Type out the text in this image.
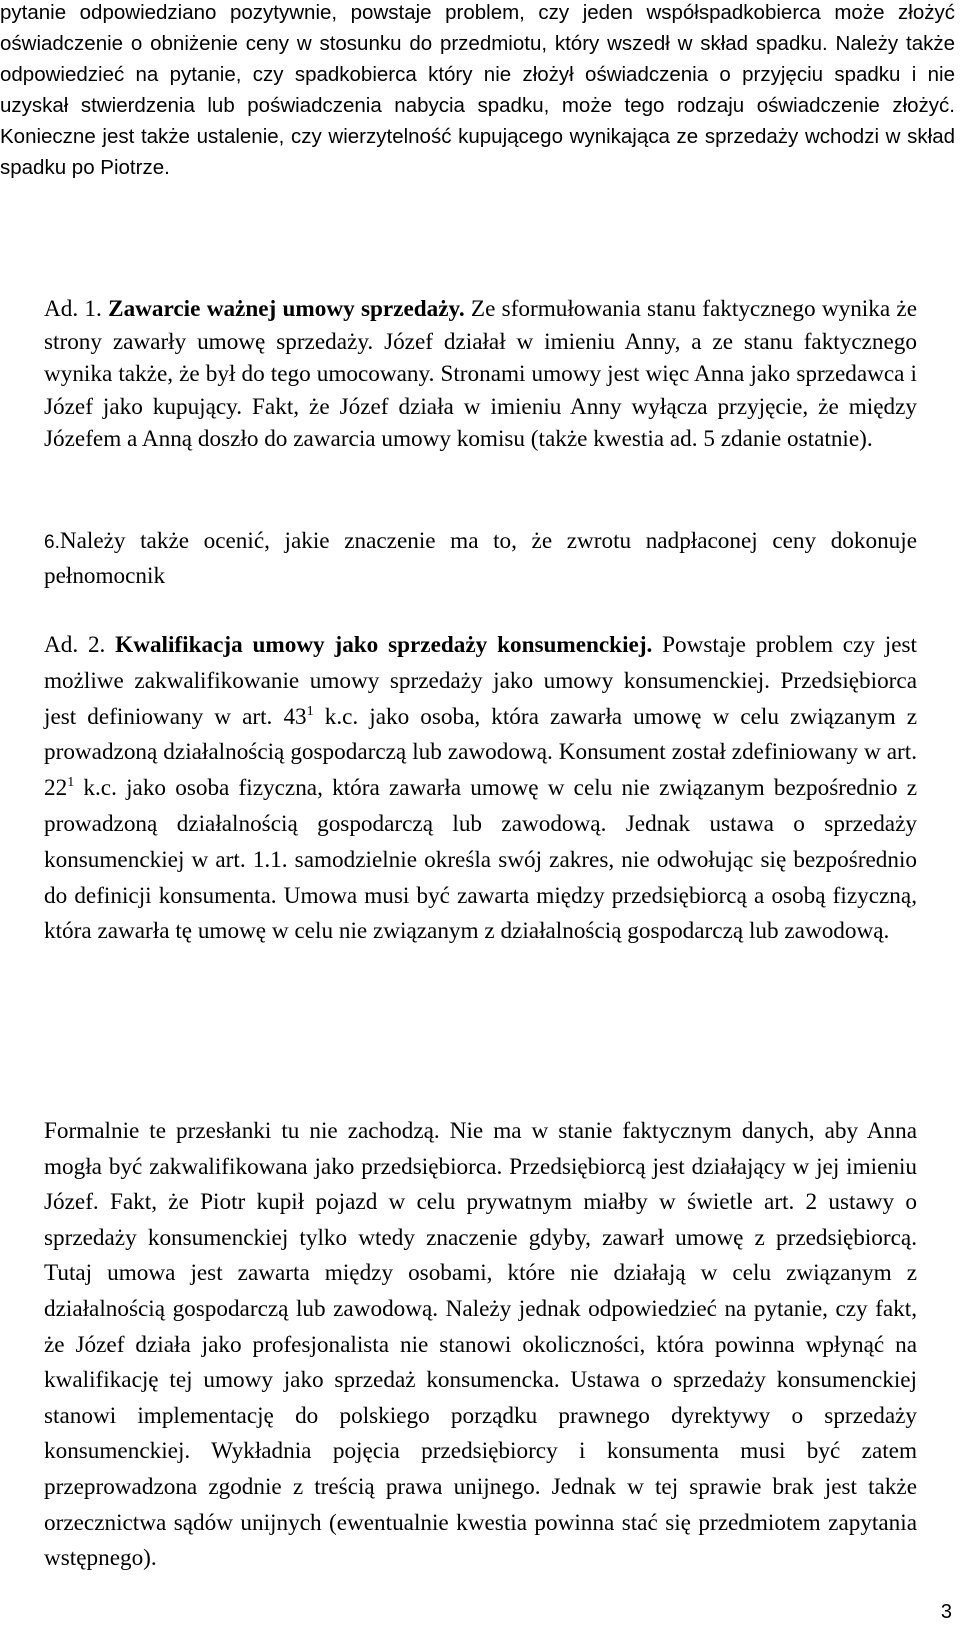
pytanie odpowiedziano pozytywnie, powstaje problem, czy jeden współspadkobierca może złożyć oświadczenie o obniżenie ceny w stosunku do przedmiotu, który wszedł w skład spadku. Należy także odpowiedzieć na pytanie, czy spadkobierca który nie złożył oświadczenia o przyjęciu spadku i nie uzyskał stwierdzenia lub poświadczenia nabycia spadku, może tego rodzaju oświadczenie złożyć. Konieczne jest także ustalenie, czy wierzytelność kupującego wynikająca ze sprzedaży wchodzi w skład spadku po Piotrze.

Ad. 1. Zawarcie ważnej umowy sprzedaży. Ze sformułowania stanu faktycznego wynika że strony zawarły umowę sprzedaży. Józef działał w imieniu Anny, a ze stanu faktycznego wynika także, że był do tego umocowany. Stronami umowy jest więc Anna jako sprzedawca i Józef jako kupujący. Fakt, że Józef działa w imieniu Anny wyłącza przyjęcie, że między Józefem a Anną doszło do zawarcia umowy komisu (także kwestia ad. 5 zdanie ostatnie).

6.Należy także ocenić, jakie znaczenie ma to, że zwrotu nadpłaconej ceny dokonuje pełnomocnik

Ad. 2. Kwalifikacja umowy jako sprzedaży konsumenckiej. Powstaje problem czy jest możliwe zakwalifikowanie umowy sprzedaży jako umowy konsumenckiej. Przedsiębiorca jest definiowany w art. $43^1$ k.c. jako osoba, która zawarła umowę w celu związanym z prowadzoną działalnością gospodarczą lub zawodową. Konsument został zdefiniowany w art. $22^1$ k.c. jako osoba fizyczna, która zawarła umowę w celu nie związanym bezpośrednio z prowadzoną działalnością gospodarczą lub zawodową. Jednak ustawa o sprzedaży konsumenckiej w art. 1.1. samodzielnie określa swój zakres, nie odwołując się bezpośrednio do definicji konsumenta. Umowa musi być zawarta między przedsiębiorcą a osobą fizyczną, która zawarła tę umowę w celu nie związanym z działalnością gospodarczą lub zawodową.

Formalnie te przesłanki tu nie zachodzą. Nie ma w stanie faktycznym danych, aby Anna mogła być zakwalifikowana jako przedsiębiorca. Przedsiębiorcą jest działający w jej imieniu Józef. Fakt, że Piotr kupił pojazd w celu prywatnym miałby w świetle art. 2 ustawy o sprzedaży konsumenckiej tylko wtedy znaczenie gdyby, zawarł umowę z przedsiębiorcą. Tutaj umowa jest zawarta między osobami, które nie działają w celu związanym z działalnością gospodarczą lub zawodową. Należy jednak odpowiedzieć na pytanie, czy fakt, że Józef działa jako profesjonalista nie stanowi okoliczności, która powinna wpłynąć na kwalifikację tej umowy jako sprzedaż konsumencka. Ustawa o sprzedaży konsumenckiej stanowi implementację do polskiego porządku prawnego dyrektywy o sprzedaży konsumenckiej. Wykładnia pojęcia przedsiębiorcy i konsumenta musi być zatem przeprowadzona zgodnie z treścią prawa unijnego. Jednak w tej sprawie brak jest także orzecznictwa sądów unijnych (ewentualnie kwestia powinna stać się przedmiotem zapytania wstępnego).

3
